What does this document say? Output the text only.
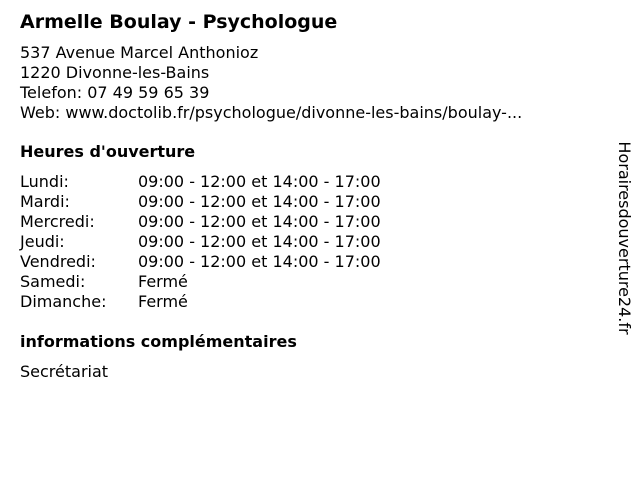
Armelle Boulay - Psychologue
537 Avenue Marcel Anthonioz
1220 Divonne-les-Bains
Telefon: 07 49 59 65 39
Web: www.doctolib.fr/psychologue/divonne-les-bains/boulay-...
Heures d'ouverture
Lundi:	09:00 - 12:00 et 14:00 - 17:00
Mardi:	09:00 - 12:00 et 14:00 - 17:00
Mercredi:	09:00 - 12:00 et 14:00 - 17:00
Jeudi:	09:00 - 12:00 et 14:00 - 17:00
Vendredi:	09:00 - 12:00 et 14:00 - 17:00
Samedi:	Fermé
Dimanche:	Fermé
informations complémentaires
Secrétariat
Horairesdouverture24.fr
